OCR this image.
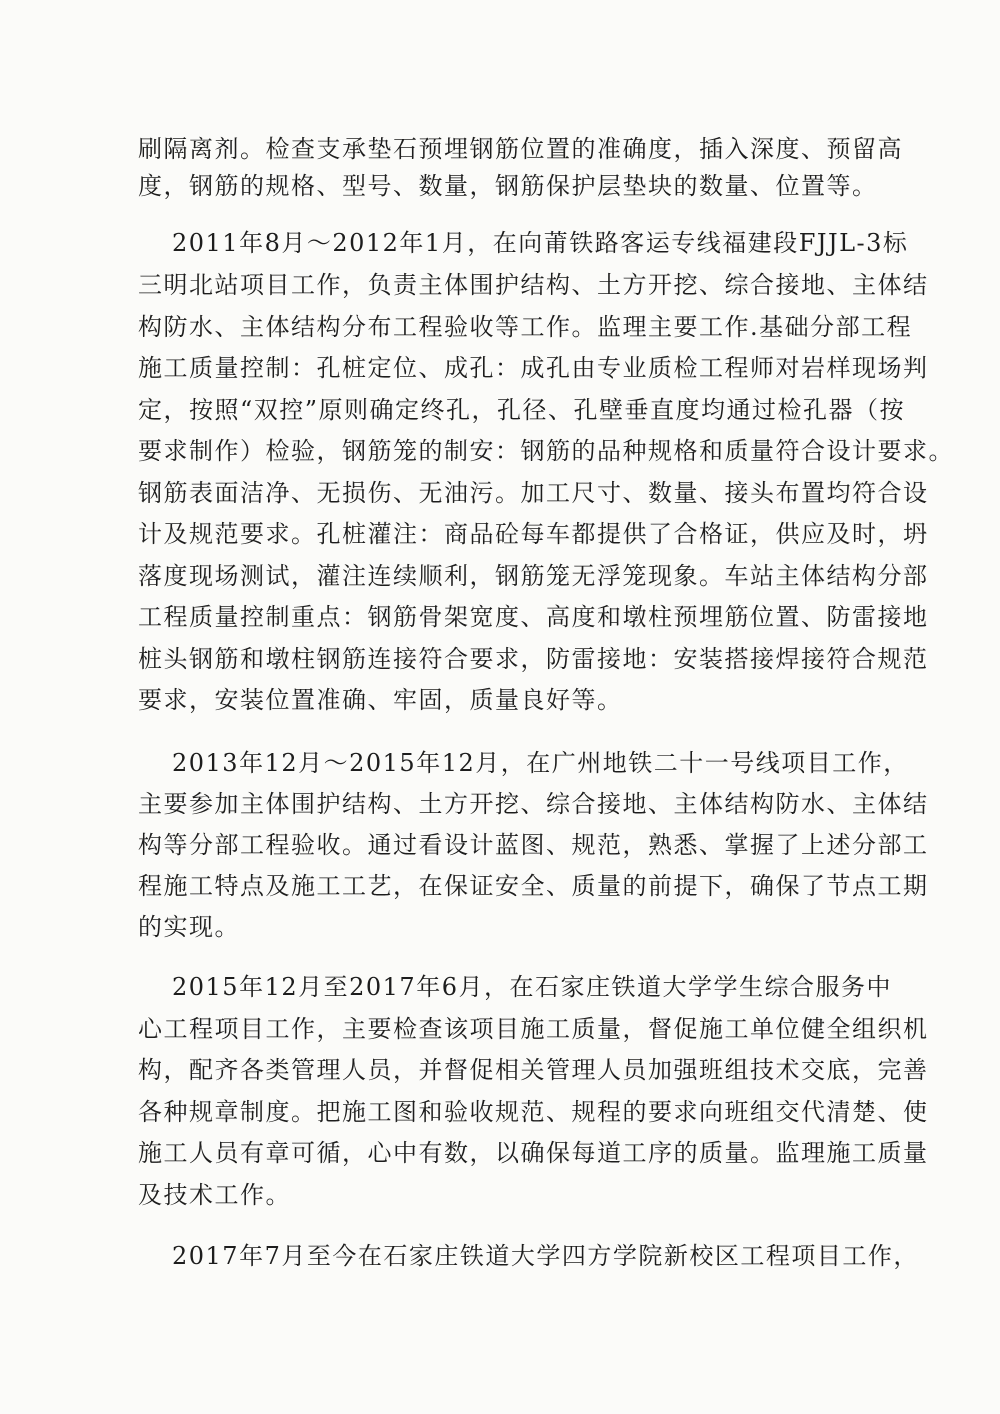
刷隔离剂。检查支承垫石预埋钢筋位置的准确度，插入深度、预留高
度，钢筋的规格、型号、数量，钢筋保护层垫块的数量、位置等。
2011年8月～2012年1月，在向莆铁路客运专线福建段FJJL-3标
三明北站项目工作，负责主体围护结构、土方开挖、综合接地、主体结
构防水、主体结构分布工程验收等工作。监理主要工作.基础分部工程
施工质量控制：孔桩定位、成孔：成孔由专业质检工程师对岩样现场判
定，按照“双控”原则确定终孔，孔径、孔壁垂直度均通过检孔器（按
要求制作）检验，钢筋笼的制安：钢筋的品种规格和质量符合设计要求。
钢筋表面洁净、无损伤、无油污。加工尺寸、数量、接头布置均符合设
计及规范要求。孔桩灌注：商品砼每车都提供了合格证，供应及时，坍
落度现场测试，灌注连续顺利，钢筋笼无浮笼现象。车站主体结构分部
工程质量控制重点：钢筋骨架宽度、高度和墩柱预埋筋位置、防雷接地
桩头钢筋和墩柱钢筋连接符合要求，防雷接地：安装搭接焊接符合规范
要求，安装位置准确、牢固，质量良好等。
2013年12月～2015年12月，在广州地铁二十一号线项目工作，
主要参加主体围护结构、土方开挖、综合接地、主体结构防水、主体结
构等分部工程验收。通过看设计蓝图、规范，熟悉、掌握了上述分部工
程施工特点及施工工艺，在保证安全、质量的前提下，确保了节点工期
的实现。
2015年12月至2017年6月，在石家庄铁道大学学生综合服务中
心工程项目工作，主要检查该项目施工质量，督促施工单位健全组织机
构，配齐各类管理人员，并督促相关管理人员加强班组技术交底，完善
各种规章制度。把施工图和验收规范、规程的要求向班组交代清楚、使
施工人员有章可循，心中有数，以确保每道工序的质量。监理施工质量
及技术工作。
2017年7月至今在石家庄铁道大学四方学院新校区工程项目工作，
